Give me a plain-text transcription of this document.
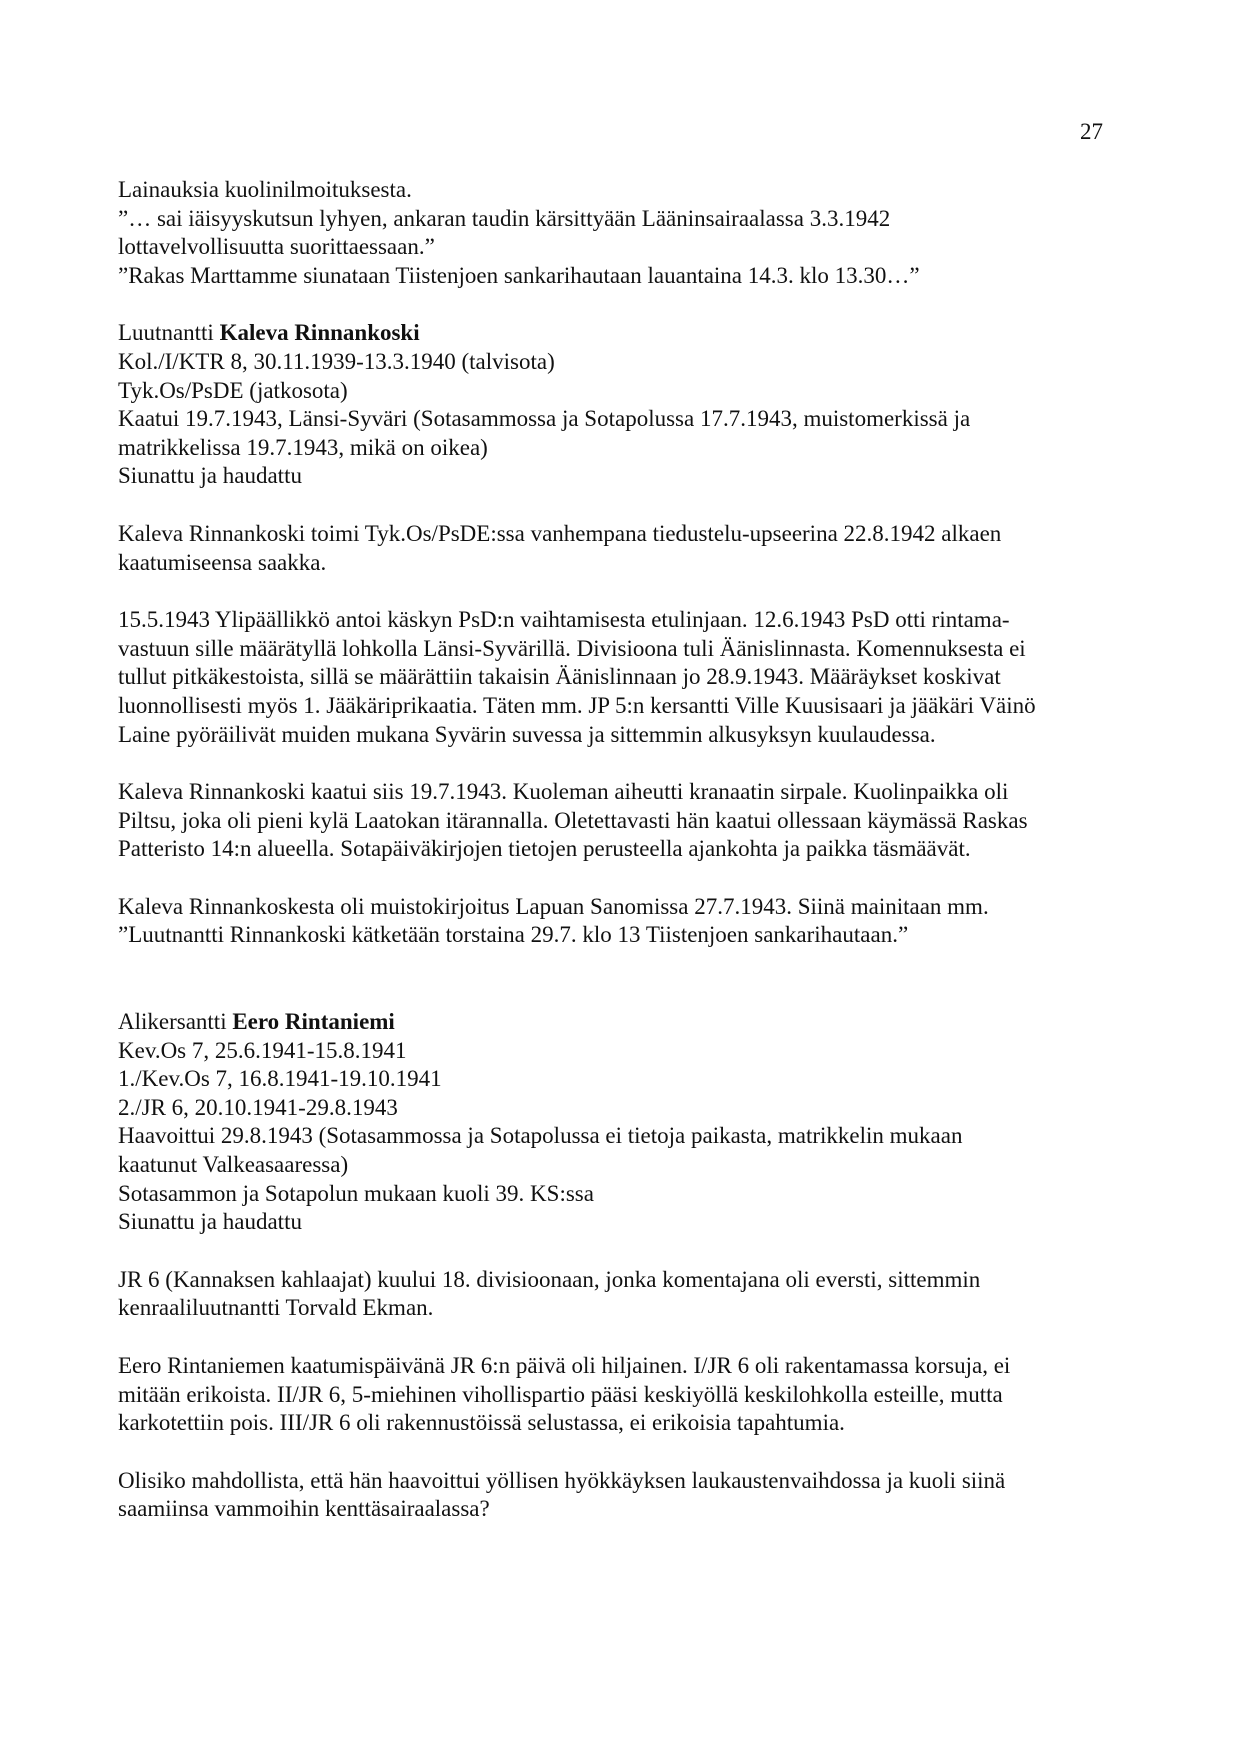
27

Lainauksia kuolinilmoituksesta.

”… sai iäisyyskutsun lyhyen, ankaran taudin kärsittyään Lääninsairaalassa 3.3.1942

lottavelvollisuutta suorittaessaan.”

”Rakas Marttamme siunataan Tiistenjoen sankarihautaan lauantaina 14.3. klo 13.30…”

Luutnantti Kaleva Rinnankoski

Kol./I/KTR 8, 30.11.1939-13.3.1940 (talvisota)

Tyk.Os/PsDE (jatkosota)

Kaatui 19.7.1943, Länsi-Syväri (Sotasammossa ja Sotapolussa 17.7.1943, muistomerkissä ja

matrikkelissa 19.7.1943, mikä on oikea)

Siunattu ja haudattu

Kaleva Rinnankoski toimi Tyk.Os/PsDE:ssa vanhempana tiedustelu-upseerina 22.8.1942 alkaen

kaatumiseensa saakka.

15.5.1943 Ylipäällikkö antoi käskyn PsD:n vaihtamisesta etulinjaan. 12.6.1943 PsD otti rintama-

vastuun sille määrätyllä lohkolla Länsi-Syvärillä. Divisioona tuli Äänislinnasta. Komennuksesta ei

tullut pitkäkestoista, sillä se määrättiin takaisin Äänislinnaan jo 28.9.1943. Määräykset koskivat

luonnollisesti myös 1. Jääkäriprikaatia. Täten mm. JP 5:n kersantti Ville Kuusisaari ja jääkäri Väinö

Laine pyöräilivät muiden mukana Syvärin suvessa ja sittemmin alkusyksyn kuulaudessa.

Kaleva Rinnankoski kaatui siis 19.7.1943. Kuoleman aiheutti kranaatin sirpale. Kuolinpaikka oli

Piltsu, joka oli pieni kylä Laatokan itärannalla. Oletettavasti hän kaatui ollessaan käymässä Raskas

Patteristo 14:n alueella. Sotapäiväkirjojen tietojen perusteella ajankohta ja paikka täsmäävät.

Kaleva Rinnankoskesta oli muistokirjoitus Lapuan Sanomissa 27.7.1943. Siinä mainitaan mm.

”Luutnantti Rinnankoski kätketään torstaina 29.7. klo 13 Tiistenjoen sankarihautaan.”

Alikersantti Eero Rintaniemi

Kev.Os 7, 25.6.1941-15.8.1941

1./Kev.Os 7, 16.8.1941-19.10.1941

2./JR 6, 20.10.1941-29.8.1943

Haavoittui 29.8.1943 (Sotasammossa ja Sotapolussa ei tietoja paikasta, matrikkelin mukaan

kaatunut Valkeasaaressa)

Sotasammon ja Sotapolun mukaan kuoli 39. KS:ssa

Siunattu ja haudattu

JR 6 (Kannaksen kahlaajat) kuului 18. divisioonaan, jonka komentajana oli eversti, sittemmin

kenraaliluutnantti Torvald Ekman.

Eero Rintaniemen kaatumispäivänä JR 6:n päivä oli hiljainen. I/JR 6 oli rakentamassa korsuja, ei

mitään erikoista. II/JR 6, 5-miehinen vihollispartio pääsi keskiyöllä keskilohkolla esteille, mutta

karkotettiin pois. III/JR 6 oli rakennustöissä selustassa, ei erikoisia tapahtumia.

Olisiko mahdollista, että hän haavoittui yöllisen hyökkäyksen laukaustenvaihdossa ja kuoli siinä

saamiinsa vammoihin kenttäsairaalassa?
